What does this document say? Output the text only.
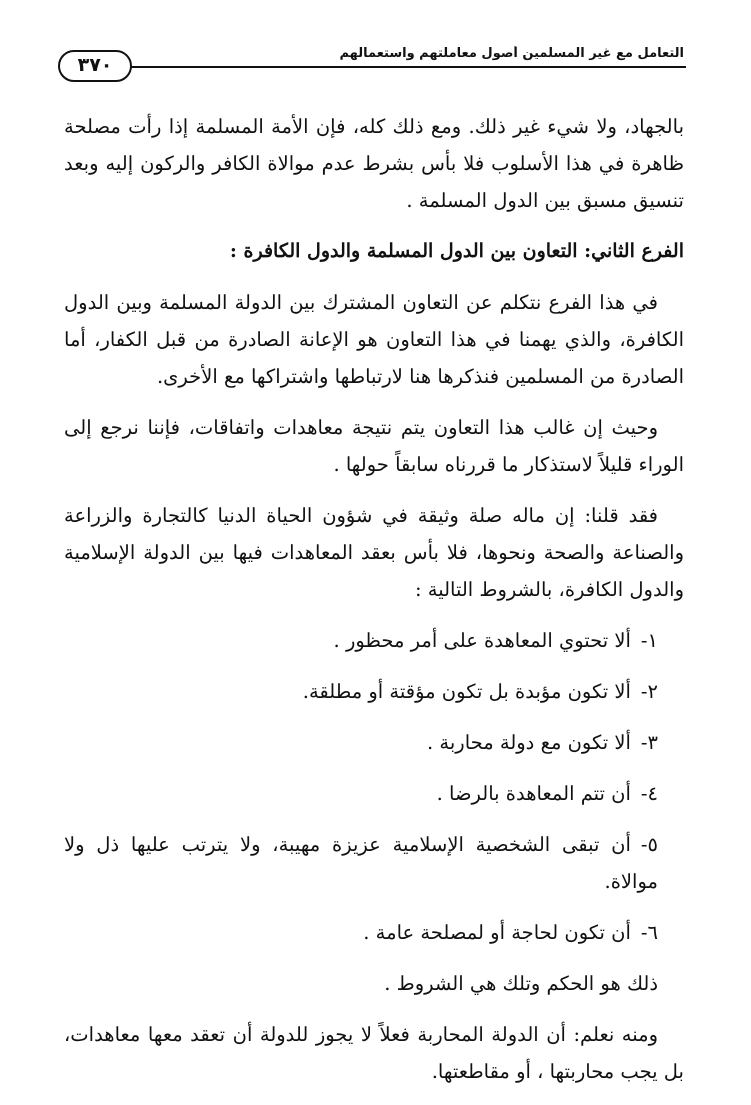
التعامل مع غير المسلمين أصول معاملتهم واستعمالهم
٣٧٠

بالجهاد، ولا شيء غير ذلك. ومع ذلك كله، فإن الأمة المسلمة إذا رأت مصلحة ظاهرة في هذا الأسلوب فلا بأس بشرط عدم موالاة الكافر والركون إليه وبعد تنسيق مسبق بين الدول المسلمة .

الفرع الثاني: التعاون بين الدول المسلمة والدول الكافرة :

في هذا الفرع نتكلم عن التعاون المشترك بين الدولة المسلمة وبين الدول الكافرة، والذي يهمنا في هذا التعاون هو الإعانة الصادرة من قبل الكفار، أما الصادرة من المسلمين فنذكرها هنا لارتباطها واشتراكها مع الأخرى.

وحيث إن غالب هذا التعاون يتم نتيجة معاهدات واتفاقات، فإننا نرجع إلى الوراء قليلاً لاستذكار ما قررناه سابقاً حولها .

فقد قلنا: إن ماله صلة وثيقة في شؤون الحياة الدنيا كالتجارة والزراعة والصناعة والصحة ونحوها، فلا بأس بعقد المعاهدات فيها بين الدولة الإسلامية والدول الكافرة، بالشروط التالية :

١-ألا تحتوي المعاهدة على أمر محظور .
٢-ألا تكون مؤبدة بل تكون مؤقتة أو مطلقة.
٣-ألا تكون مع دولة محاربة .
٤-أن تتم المعاهدة بالرضا .
٥-أن تبقى الشخصية الإسلامية عزيزة مهيبة، ولا يترتب عليها ذل ولا موالاة.
٦-أن تكون لحاجة أو لمصلحة عامة .

ذلك هو الحكم وتلك هي الشروط .

ومنه نعلم: أن الدولة المحاربة فعلاً لا يجوز للدولة أن تعقد معها معاهدات، بل يجب محاربتها ، أو مقاطعتها.
